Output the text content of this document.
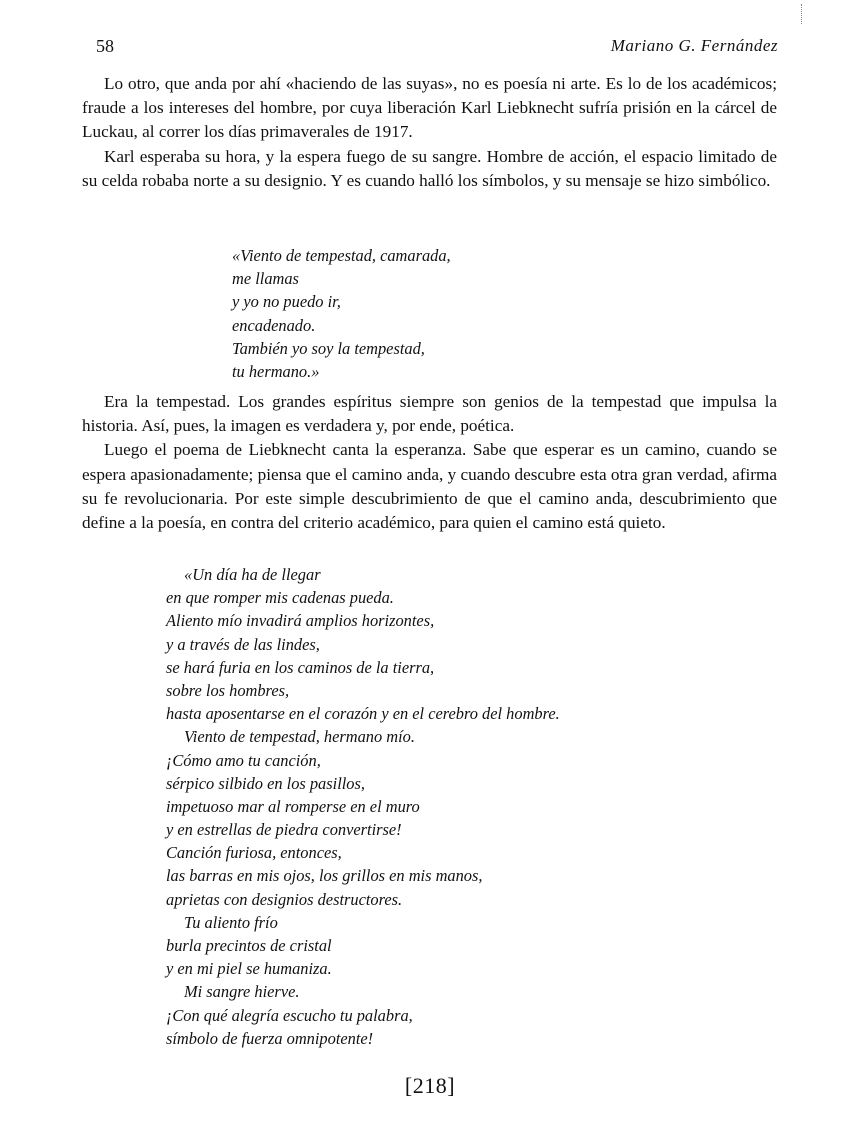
58	Mariano G. Fernández

Lo otro, que anda por ahí «haciendo de las suyas», no es poesía ni arte. Es lo de los académicos; fraude a los intereses del hombre, por cuya liberación Karl Liebknecht sufría prisión en la cárcel de Luckau, al correr los días primaverales de 1917.

Karl esperaba su hora, y la espera fuego de su sangre. Hombre de acción, el espacio limitado de su celda robaba norte a su designio. Y es cuando halló los símbolos, y su mensaje se hizo simbólico.

«Viento de tempestad, camarada,
me llamas
y yo no puedo ir,
encadenado.
También yo soy la tempestad,
tu hermano.»

Era la tempestad. Los grandes espíritus siempre son genios de la tempestad que impulsa la historia. Así, pues, la imagen es verdadera y, por ende, poética.

Luego el poema de Liebknecht canta la esperanza. Sabe que esperar es un camino, cuando se espera apasionadamente; piensa que el camino anda, y cuando descubre esta otra gran verdad, afirma su fe revolucionaria. Por este simple descubrimiento de que el camino anda, descubrimiento que define a la poesía, en contra del criterio académico, para quien el camino está quieto.

«Un día ha de llegar
en que romper mis cadenas pueda.
Aliento mío invadirá amplios horizontes,
y a través de las lindes,
se hará furia en los caminos de la tierra,
sobre los hombres,
hasta aposentarse en el corazón y en el cerebro del hombre.
Viento de tempestad, hermano mío.
¡Cómo amo tu canción,
sérpico silbido en los pasillos,
impetuoso mar al romperse en el muro
y en estrellas de piedra convertirse!
Canción furiosa, entonces,
las barras en mis ojos, los grillos en mis manos,
aprietas con designios destructores.
Tu aliento frío
burla precintos de cristal
y en mi piel se humaniza.
Mi sangre hierve.
¡Con qué alegría escucho tu palabra,
símbolo de fuerza omnipotente!
[218]
